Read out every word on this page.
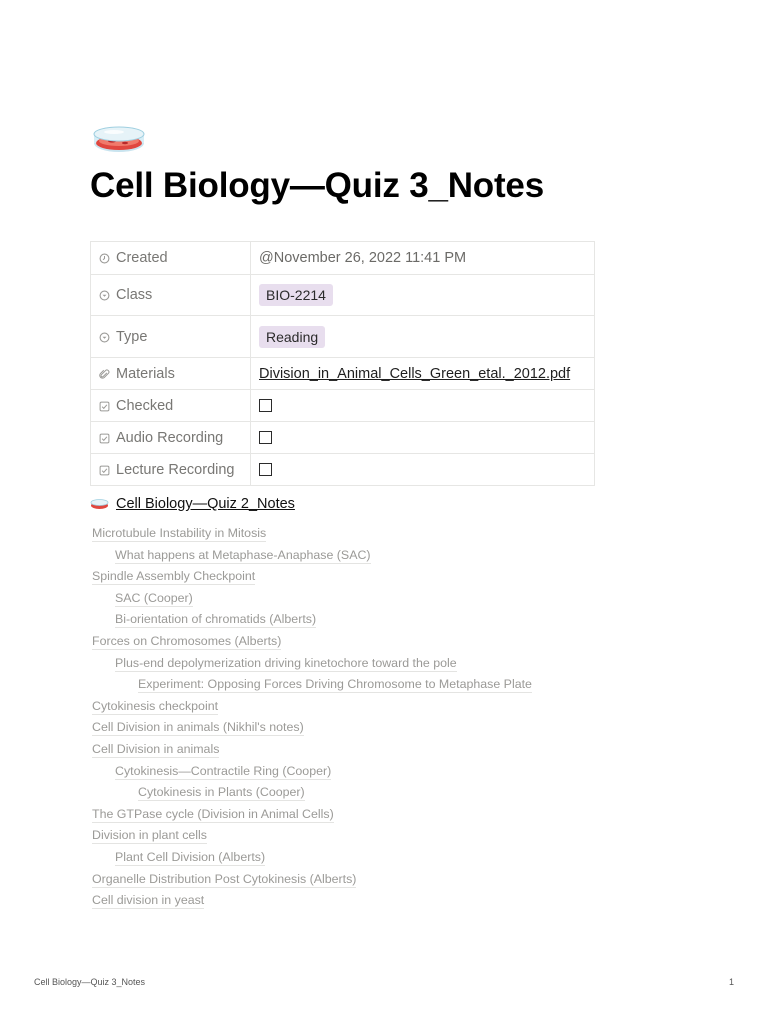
Cell Biology—Quiz 3_Notes
Created	@November 26, 2022 11:41 PM
Class	BIO-2214
Type	Reading
Materials	Division_in_Animal_Cells_Green_etal._2012.pdf
Checked	
Audio Recording	
Lecture Recording	
Cell Biology—Quiz 2_Notes
Microtubule Instability in Mitosis
What happens at Metaphase-Anaphase (SAC)
Spindle Assembly Checkpoint
SAC (Cooper)
Bi-orientation of chromatids (Alberts)
Forces on Chromosomes (Alberts)
Plus-end depolymerization driving kinetochore toward the pole
Experiment: Opposing Forces Driving Chromosome to Metaphase Plate
Cytokinesis checkpoint
Cell Division in animals (Nikhil's notes)
Cell Division in animals
Cytokinesis—Contractile Ring (Cooper)
Cytokinesis in Plants (Cooper)
The GTPase cycle (Division in Animal Cells)
Division in plant cells
Plant Cell Division (Alberts)
Organelle Distribution Post Cytokinesis (Alberts)
Cell division in yeast
Cell Biology—Quiz 3_Notes	1
